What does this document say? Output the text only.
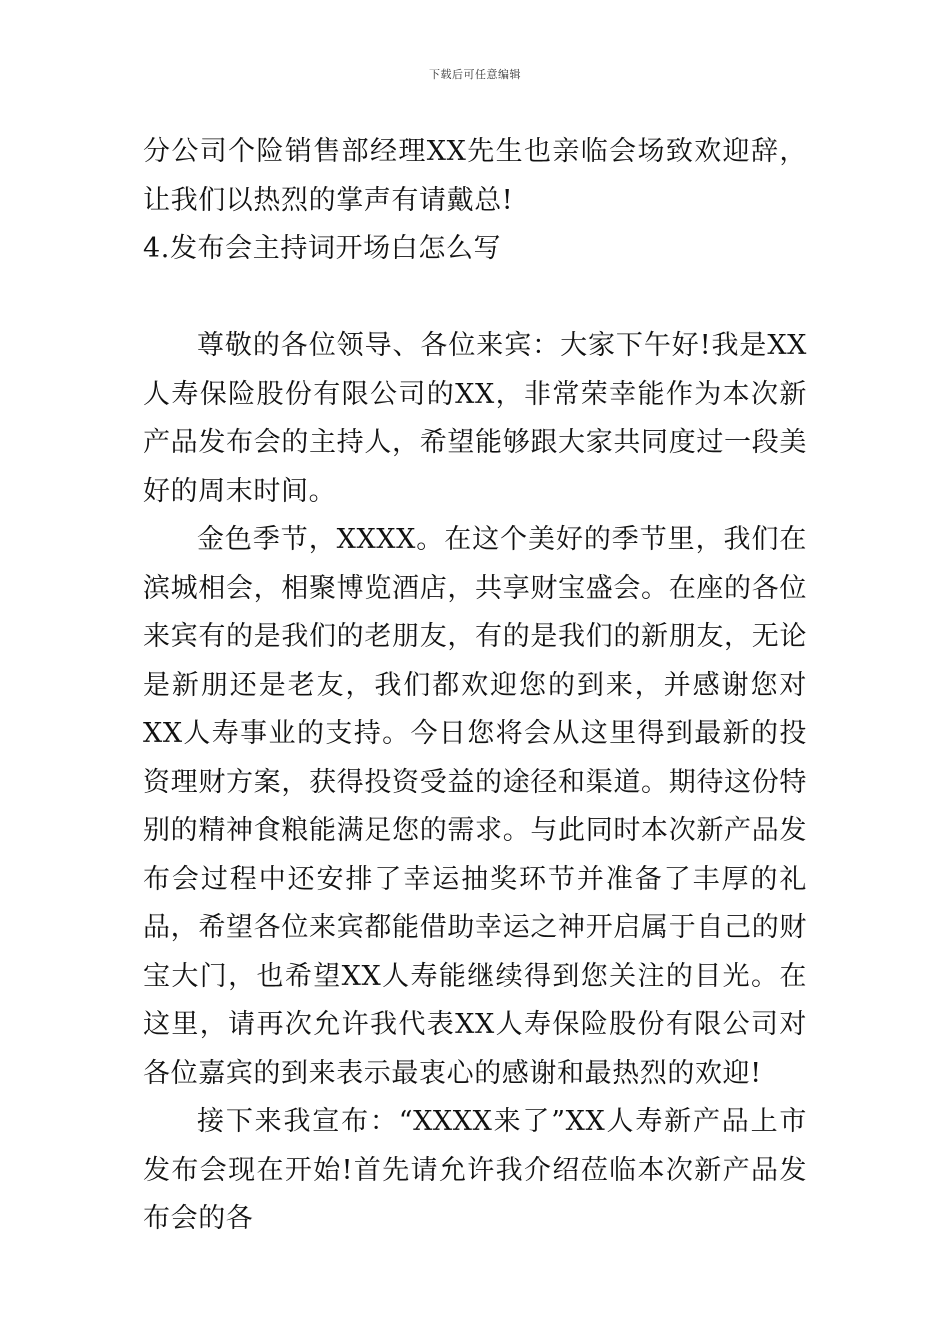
下载后可任意编辑

分公司个险销售部经理XX先生也亲临会场致欢迎辞，让我们以热烈的掌声有请戴总!

4.发布会主持词开场白怎么写

尊敬的各位领导、各位来宾：大家下午好!我是XX人寿保险股份有限公司的XX，非常荣幸能作为本次新产品发布会的主持人，希望能够跟大家共同度过一段美好的周末时间。

金色季节，XXXX。在这个美好的季节里，我们在滨城相会，相聚博览酒店，共享财宝盛会。在座的各位来宾有的是我们的老朋友，有的是我们的新朋友，无论是新朋还是老友，我们都欢迎您的到来，并感谢您对XX人寿事业的支持。今日您将会从这里得到最新的投资理财方案，获得投资受益的途径和渠道。期待这份特别的精神食粮能满足您的需求。与此同时本次新产品发布会过程中还安排了幸运抽奖环节并准备了丰厚的礼品，希望各位来宾都能借助幸运之神开启属于自己的财宝大门，也希望XX人寿能继续得到您关注的目光。在这里，请再次允许我代表XX人寿保险股份有限公司对各位嘉宾的到来表示最衷心的感谢和最热烈的欢迎!

接下来我宣布：“XXXX来了”XX人寿新产品上市发布会现在开始!首先请允许我介绍莅临本次新产品发布会的各
